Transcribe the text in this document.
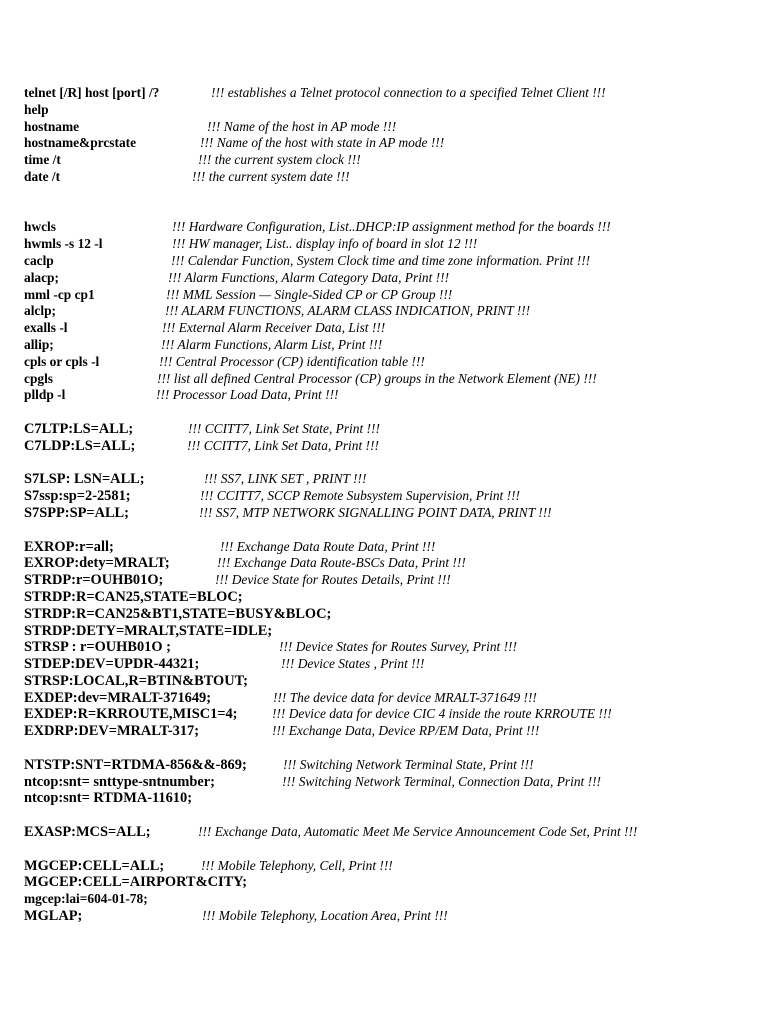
telnet [/R] host [port] /?	!!! establishes a Telnet protocol connection to a specified Telnet Client !!!
help
hostname	!!! Name of the host in AP mode !!!
hostname&prcstate	!!! Name of the host with state in AP mode !!!
time /t	!!! the current system clock !!!
date /t	!!! the current system date !!!
hwcls	!!! Hardware Configuration, List..DHCP:IP assignment method for the boards !!!
hwmls -s 12 -l	!!! HW manager, List.. display info of board in slot 12 !!!
caclp	!!! Calendar Function, System Clock time and time zone information. Print !!!
alacp;	!!! Alarm Functions, Alarm Category Data, Print !!!
mml -cp cp1	!!! MML Session — Single-Sided CP or CP Group !!!
alclp;	!!! ALARM FUNCTIONS, ALARM CLASS INDICATION, PRINT !!!
exalls -l	!!! External Alarm Receiver Data, List !!!
allip;	!!! Alarm Functions, Alarm List, Print !!!
cpls or cpls -l	!!! Central Processor (CP) identification table !!!
cpgls	!!! list all defined Central Processor (CP) groups in the Network Element (NE) !!!
plldp -l	!!! Processor Load Data, Print !!!
C7LTP:LS=ALL;	!!! CCITT7, Link Set State, Print !!!
C7LDP:LS=ALL;	!!! CCITT7, Link Set Data, Print !!!
S7LSP: LSN=ALL;	!!! SS7, LINK SET , PRINT !!!
S7ssp:sp=2-2581;	!!! CCITT7, SCCP Remote Subsystem Supervision, Print !!!
S7SPP:SP=ALL;	!!! SS7, MTP NETWORK SIGNALLING POINT DATA, PRINT !!!
EXROP:r=all;	!!! Exchange Data Route Data, Print !!!
EXROP:dety=MRALT;	!!! Exchange Data Route-BSCs Data, Print !!!
STRDP:r=OUHB01O;	!!! Device State for Routes Details, Print !!!
STRDP:R=CAN25,STATE=BLOC;
STRDP:R=CAN25&BT1,STATE=BUSY&BLOC;
STRDP:DETY=MRALT,STATE=IDLE;
STRSP : r=OUHB01O ;	!!! Device States for Routes Survey, Print !!!
STDEP:DEV=UPDR-44321;	!!! Device States , Print !!!
STRSP:LOCAL,R=BTIN&BTOUT;
EXDEP:dev=MRALT-371649;	!!! The device data for device MRALT-371649 !!!
EXDEP:R=KRROUTE,MISC1=4;	!!! Device data for device CIC 4 inside the route KRROUTE !!!
EXDRP:DEV=MRALT-317;	!!! Exchange Data, Device RP/EM Data, Print !!!
NTSTP:SNT=RTDMA-856&&-869;	!!! Switching Network Terminal State, Print !!!
ntcop:snt= snttype-sntnumber;	!!! Switching Network Terminal, Connection Data, Print !!!
ntcop:snt= RTDMA-11610;
EXASP:MCS=ALL;	!!! Exchange Data, Automatic Meet Me Service Announcement Code Set, Print !!!
MGCEP:CELL=ALL;	!!! Mobile Telephony, Cell, Print !!!
MGCEP:CELL=AIRPORT&CITY;
mgcep:lai=604-01-78;
MGLAP;	!!! Mobile Telephony, Location Area, Print !!!
